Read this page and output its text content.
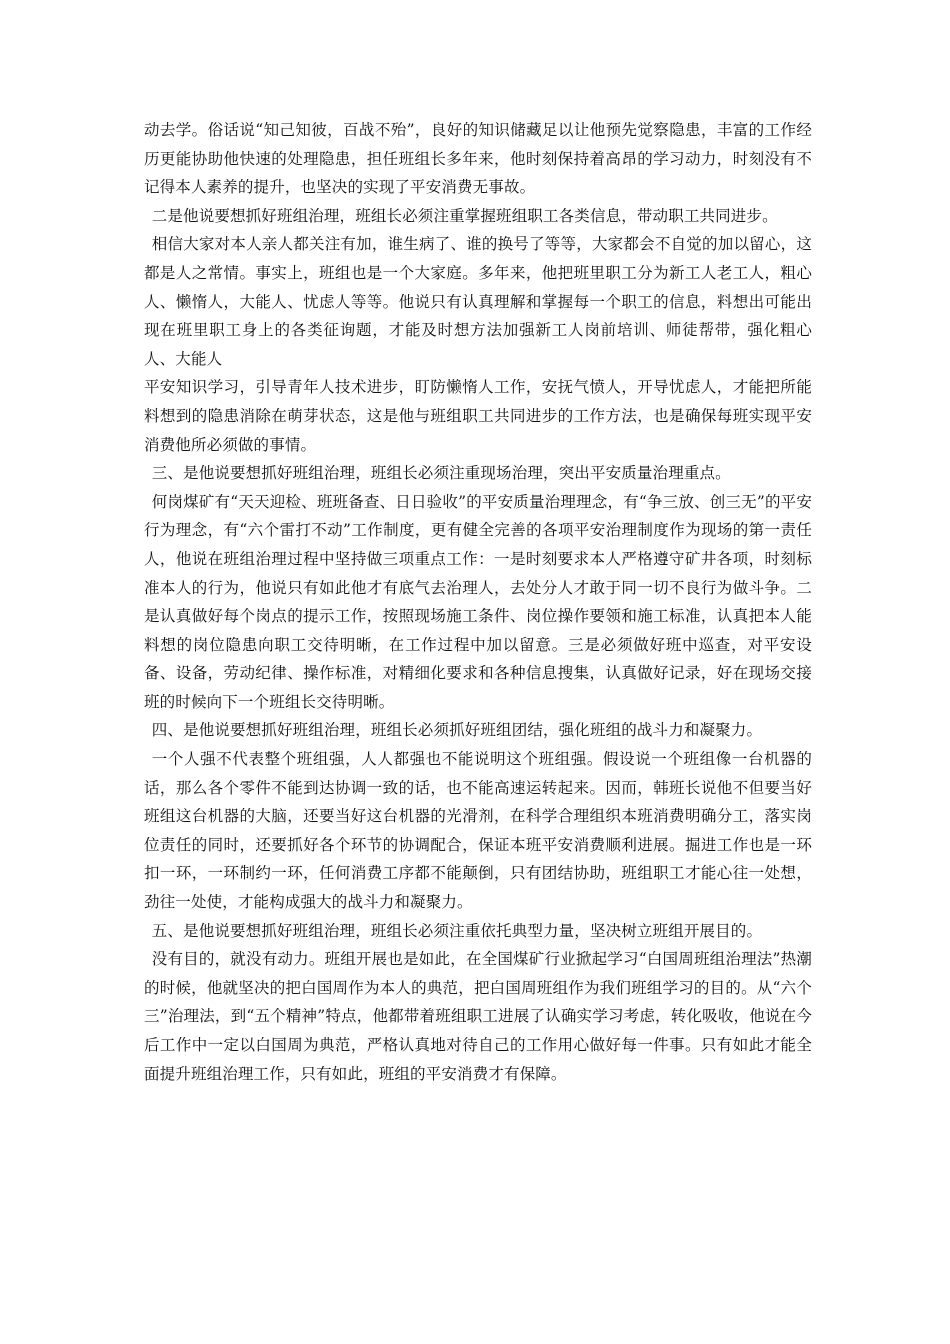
动去学。俗话说“知己知彼，百战不殆”，良好的知识储藏足以让他预先觉察隐患，丰富的工作经历更能协助他快速的处理隐患，担任班组长多年来，他时刻保持着高昂的学习动力，时刻没有不记得本人素养的提升，也坚决的实现了平安消费无事故。

二是他说要想抓好班组治理，班组长必须注重掌握班组职工各类信息，带动职工共同进步。

相信大家对本人亲人都关注有加，谁生病了、谁的换号了等等，大家都会不自觉的加以留心，这都是人之常情。事实上，班组也是一个大家庭。多年来，他把班里职工分为新工人老工人，粗心人、懒惰人，大能人、忧虑人等等。他说只有认真理解和掌握每一个职工的信息，料想出可能出现在班里职工身上的各类征询题，才能及时想方法加强新工人岗前培训、师徒帮带，强化粗心人、大能人

平安知识学习，引导青年人技术进步，盯防懒惰人工作，安抚气愤人，开导忧虑人，才能把所能料想到的隐患消除在萌芽状态，这是他与班组职工共同进步的工作方法，也是确保每班实现平安消费他所必须做的事情。

三、是他说要想抓好班组治理，班组长必须注重现场治理，突出平安质量治理重点。

何岗煤矿有“天天迎检、班班备查、日日验收”的平安质量治理理念，有“争三放、创三无”的平安行为理念，有“六个雷打不动”工作制度，更有健全完善的各项平安治理制度作为现场的第一责任人，他说在班组治理过程中坚持做三项重点工作：一是时刻要求本人严格遵守矿井各项，时刻标准本人的行为，他说只有如此他才有底气去治理人，去处分人才敢于同一切不良行为做斗争。二是认真做好每个岗点的提示工作，按照现场施工条件、岗位操作要领和施工标准，认真把本人能料想的岗位隐患向职工交待明晰，在工作过程中加以留意。三是必须做好班中巡查，对平安设备、设备，劳动纪律、操作标准，对精细化要求和各种信息搜集，认真做好记录，好在现场交接班的时候向下一个班组长交待明晰。

四、是他说要想抓好班组治理，班组长必须抓好班组团结，强化班组的战斗力和凝聚力。

一个人强不代表整个班组强，人人都强也不能说明这个班组强。假设说一个班组像一台机器的话，那么各个零件不能到达协调一致的话，也不能高速运转起来。因而，韩班长说他不但要当好班组这台机器的大脑，还要当好这台机器的光滑剂，在科学合理组织本班消费明确分工，落实岗位责任的同时，还要抓好各个环节的协调配合，保证本班平安消费顺利进展。掘进工作也是一环扣一环，一环制约一环，任何消费工序都不能颠倒，只有团结协助，班组职工才能心往一处想，劲往一处使，才能构成强大的战斗力和凝聚力。

五、是他说要想抓好班组治理，班组长必须注重依托典型力量，坚决树立班组开展目的。

没有目的，就没有动力。班组开展也是如此，在全国煤矿行业掀起学习“白国周班组治理法”热潮的时候，他就坚决的把白国周作为本人的典范，把白国周班组作为我们班组学习的目的。从“六个三”治理法，到“五个精神”特点，他都带着班组职工进展了认确实学习考虑，转化吸收，他说在今后工作中一定以白国周为典范，严格认真地对待自己的工作用心做好每一件事。只有如此才能全面提升班组治理工作，只有如此，班组的平安消费才有保障。
